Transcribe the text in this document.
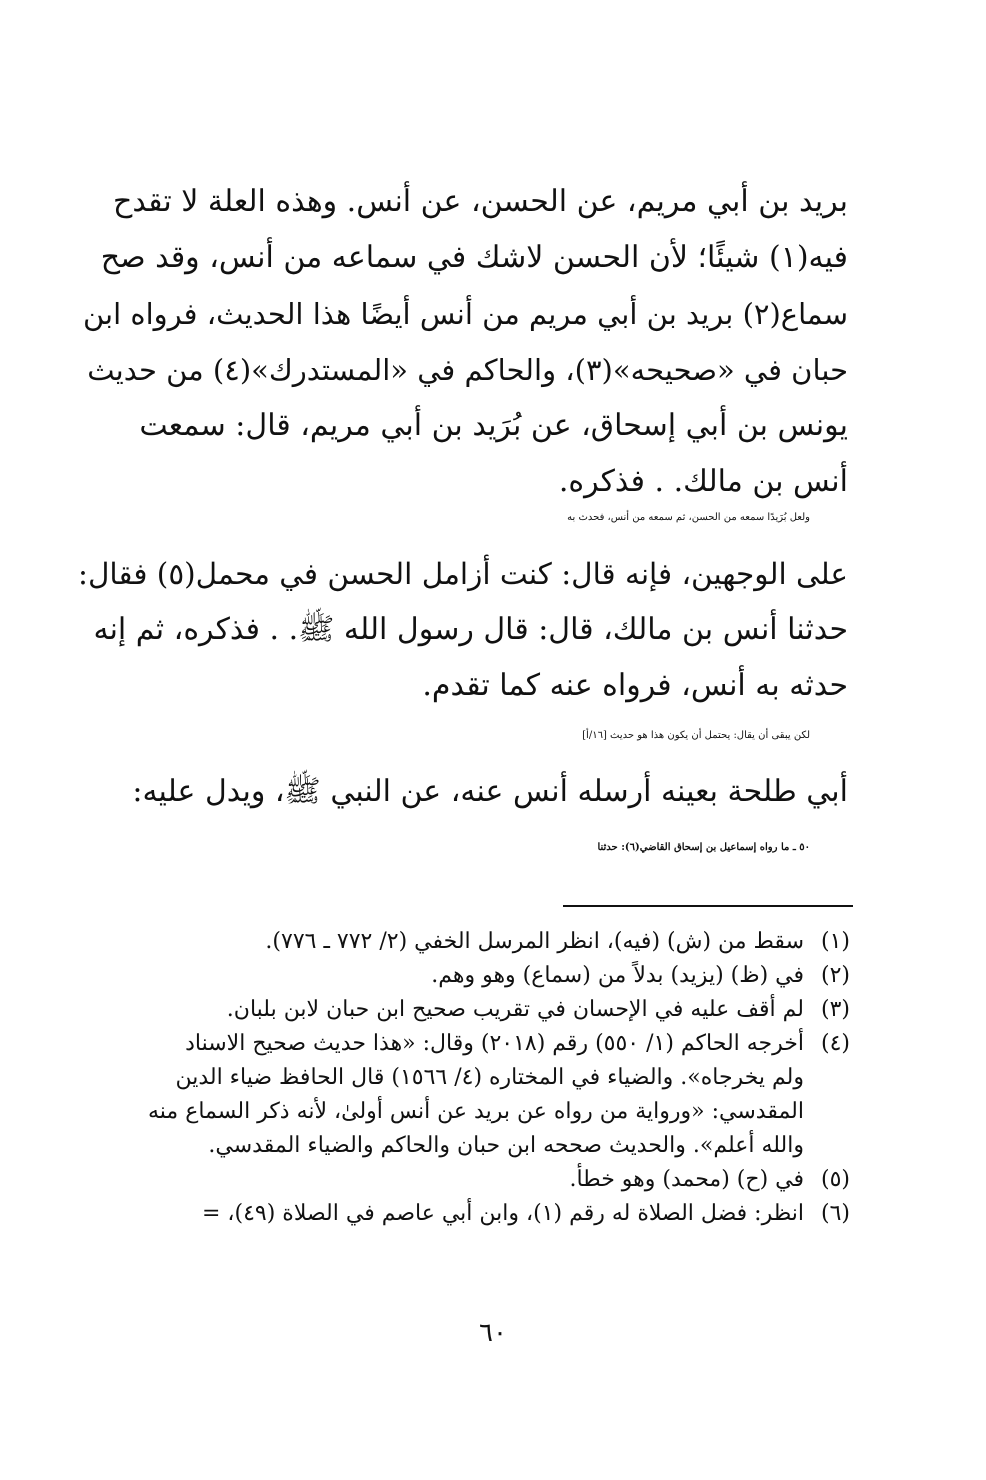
بريد بن أبي مريم، عن الحسن، عن أنس. وهذه العلة لا تقدح
فيه(١) شيئًا؛ لأن الحسن لاشك في سماعه من أنس، وقد صح
سماع(٢) بريد بن أبي مريم من أنس أيضًا هذا الحديث، فرواه ابن
حبان في «صحيحه»(٣)، والحاكم في «المستدرك»(٤) من حديث
يونس بن أبي إسحاق، عن بُرَيد بن أبي مريم، قال: سمعت
أنس بن مالك. . فذكره.
ولعل بُرَيدًا سمعه من الحسن، ثم سمعه من أنس، فحدث به
على الوجهين، فإنه قال: كنت أزامل الحسن في محمل(٥) فقال:
حدثنا أنس بن مالك، قال: قال رسول الله ﷺ. . فذكره، ثم إنه
حدثه به أنس، فرواه عنه كما تقدم.
لكن يبقى أن يقال: يحتمل أن يكون هذا هو حديث [١٦/أ]
أبي طلحة بعينه أرسله أنس عنه، عن النبي ﷺ، ويدل عليه:
٥٠ ـ ما رواه إسماعيل بن إسحاق القاضي(٦): حدثنا
(١)
سقط من (ش) (فيه)، انظر المرسل الخفي (٢/ ٧٧٢ ـ ٧٧٦).
(٢)
في (ظ) (يزيد) بدلاً من (سماع) وهو وهم.
(٣)
لم أقف عليه في الإحسان في تقريب صحيح ابن حبان لابن بلبان.
(٤)
أخرجه الحاكم (١/ ٥٥٠) رقم (٢٠١٨) وقال: «هذا حديث صحيح الاسناد
ولم يخرجاه». والضياء في المختاره (٤/ ١٥٦٦) قال الحافظ ضياء الدين
المقدسي: «ورواية من رواه عن بريد عن أنس أولىٰ، لأنه ذكر السماع منه
والله أعلم». والحديث صححه ابن حبان والحاكم والضياء المقدسي.
(٥)
في (ح) (محمد) وهو خطأ.
(٦)
انظر: فضل الصلاة له رقم (١)، وابن أبي عاصم في الصلاة (٤٩)، =
٦٠
